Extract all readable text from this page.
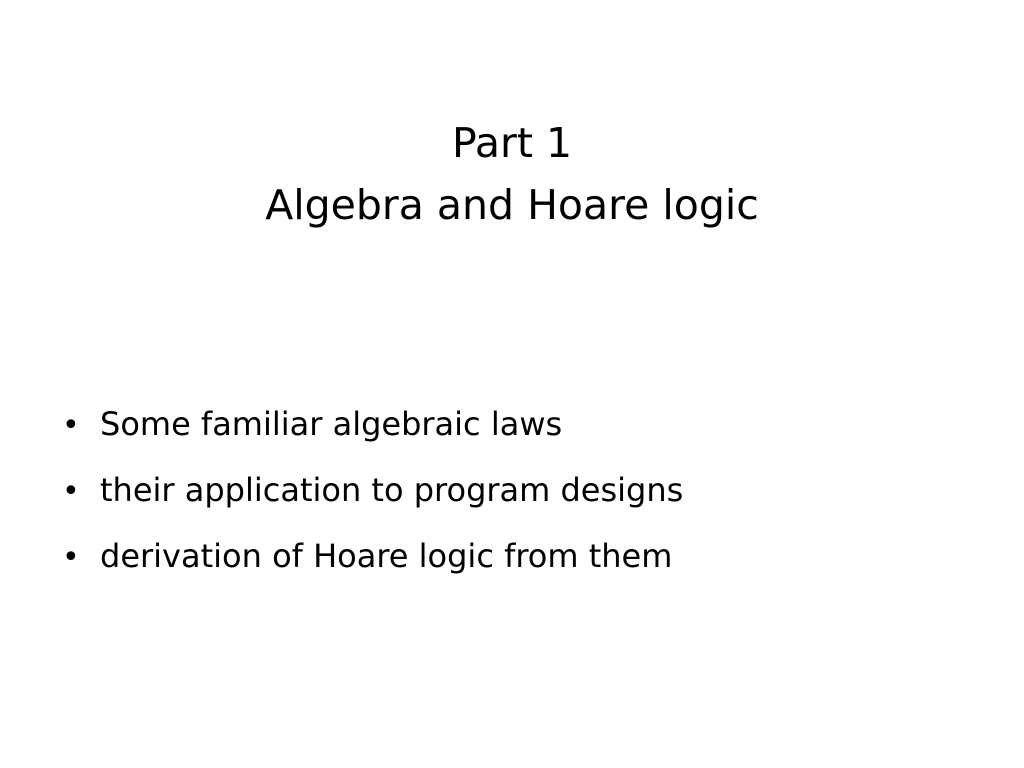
Part 1
Algebra and Hoare logic
• Some familiar algebraic laws
• their application to program designs
• derivation of Hoare logic from them
